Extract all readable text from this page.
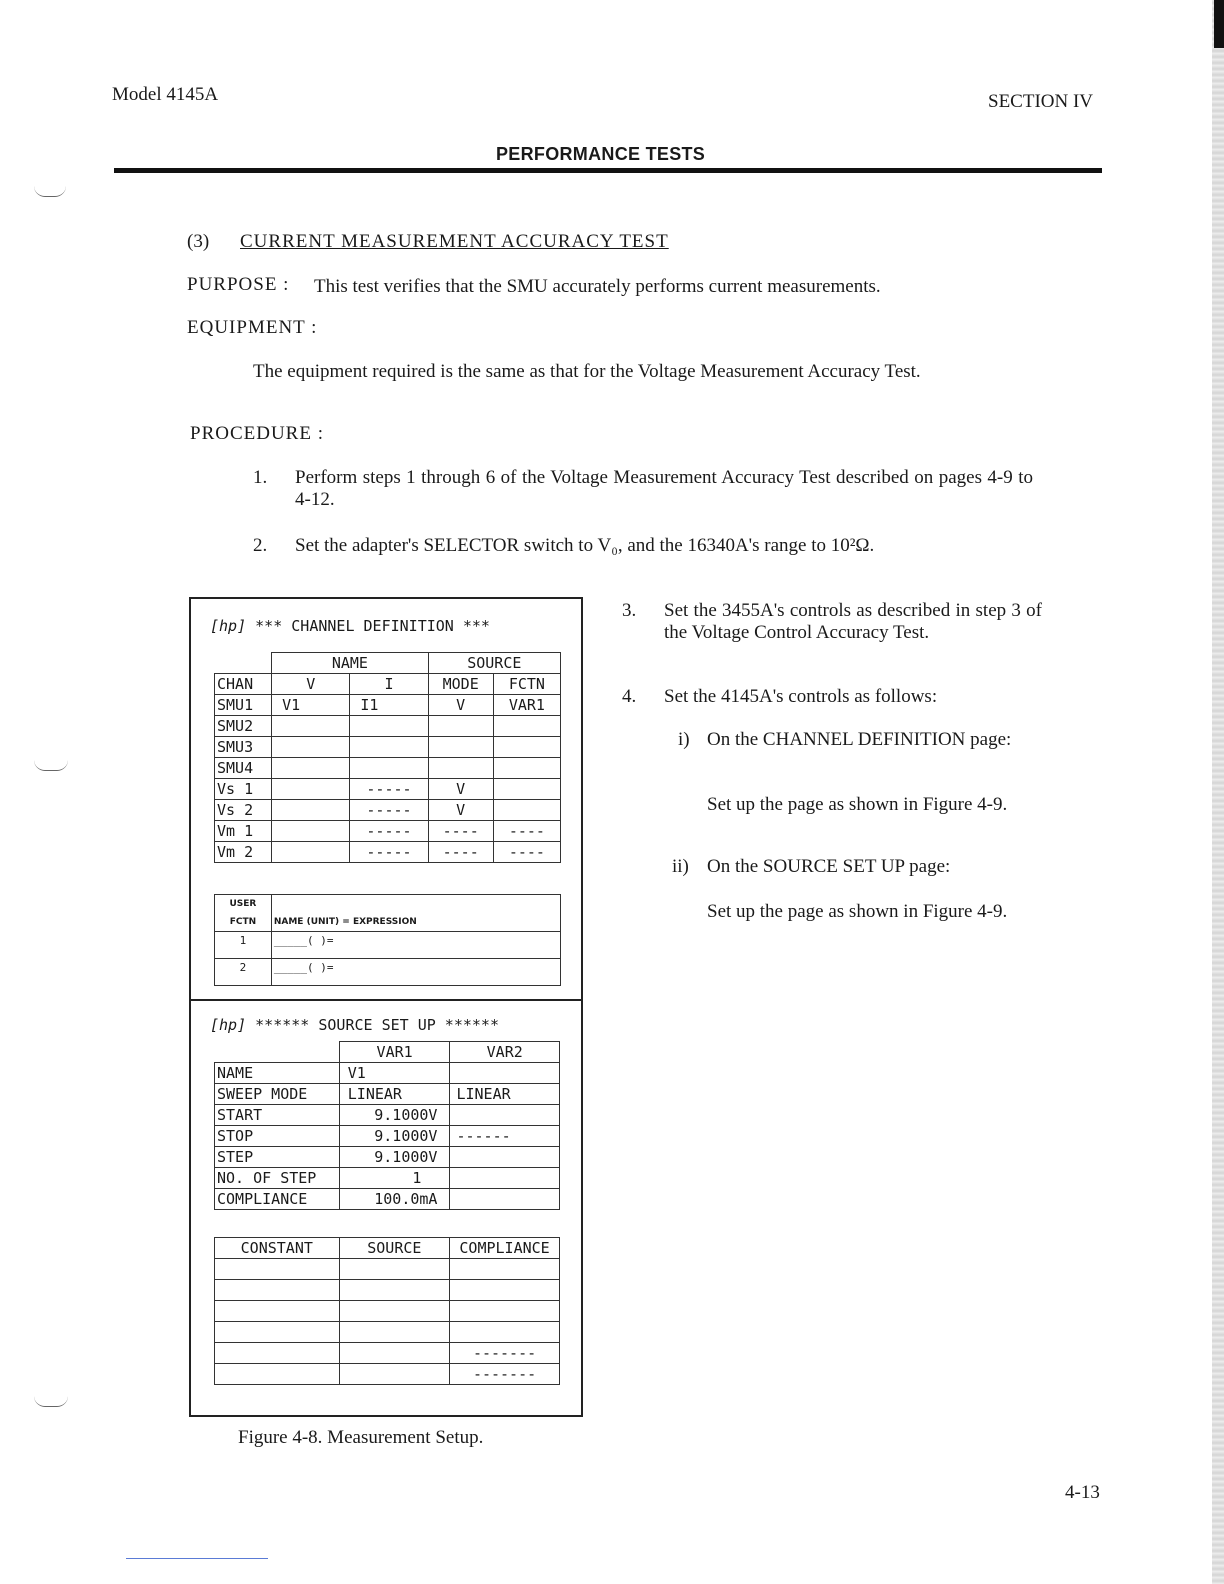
Model 4145A	SECTION IV
PERFORMANCE TESTS
(3) CURRENT MEASUREMENT ACCURACY TEST
PURPOSE : This test verifies that the SMU accurately performs current measurements.
EQUIPMENT :
The equipment required is the same as that for the Voltage Measurement Accuracy Test.
PROCEDURE :
1. Perform steps 1 through 6 of the Voltage Measurement Accuracy Test described on pages 4-9 to 4-12.
2. Set the adapter's SELECTOR switch to V₀, and the 16340A's range to 10²Ω.
3. Set the 3455A's controls as described in step 3 of the Voltage Control Accuracy Test.
4. Set the 4145A's controls as follows:
i) On the CHANNEL DEFINITION page:
Set up the page as shown in Figure 4-9.
ii) On the SOURCE SET UP page:
Set up the page as shown in Figure 4-9.
[hp] *** CHANNEL DEFINITION ***
	NAME		SOURCE	
CHAN	V	I	MODE	FCTN
SMU1	V1	I1	V	VAR1
SMU2				
SMU3				
SMU4				
Vs 1		-----	V	
Vs 2		-----	V	
Vm 1		-----	----	----
Vm 2		-----	----	----
USER
FCTN	NAME (UNIT) = EXPRESSION
1	_____( )=
2	_____( )=
[hp] ****** SOURCE SET UP ******
	VAR1	VAR2
NAME	V1	
SWEEP MODE	LINEAR	LINEAR
START	9.1000V	
STOP	9.1000V	------
STEP	9.1000V	
NO. OF STEP	1	
COMPLIANCE	100.0mA	
CONSTANT	SOURCE	COMPLIANCE

		-------
		-------
Figure 4-8. Measurement Setup.
4-13
